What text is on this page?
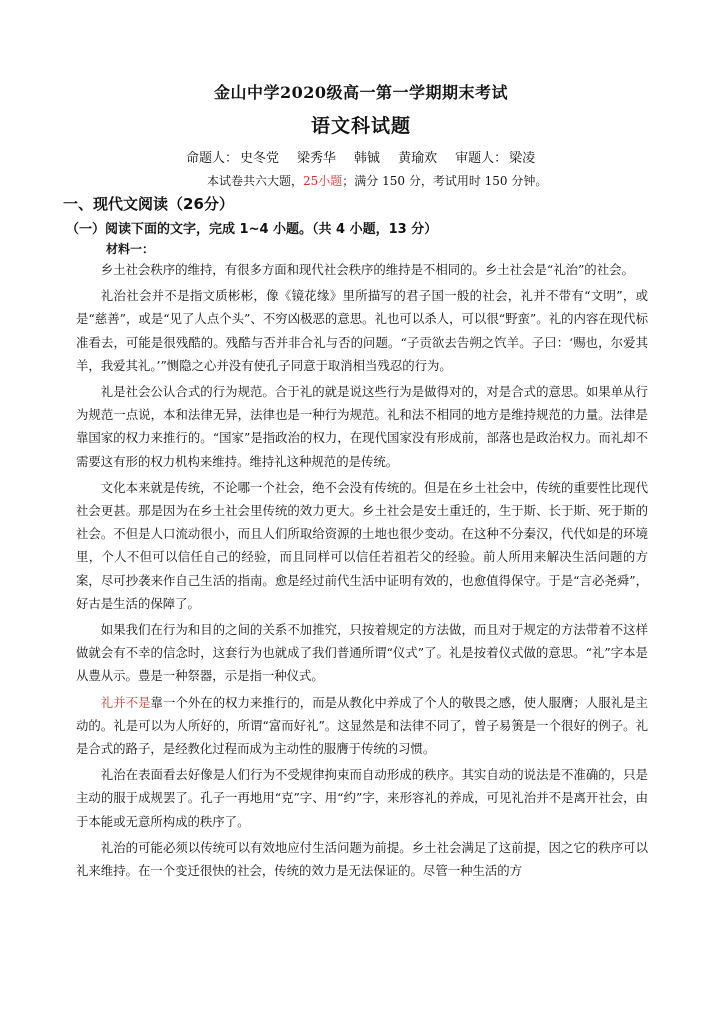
金山中学2020级高一第一学期期末考试
语文科试题
命题人： 史冬党 梁秀华 韩铖 黄瑜欢 审题人： 梁凌
本试卷共六大题，25小题；满分 150 分，考试用时 150 分钟。
一、现代文阅读（26分）
（一）阅读下面的文字，完成 1~4 小题。（共 4 小题，13 分）
材料一：

乡土社会秩序的维持，有很多方面和现代社会秩序的维持是不相同的。乡土社会是“礼治”的社会。

礼治社会并不是指文质彬彬，像《镜花缘》里所描写的君子国一般的社会，礼并不带有“文明”，或是“慈善”，或是“见了人点个头”、不穷凶极恶的意思。礼也可以杀人，可以很“野蛮”。礼的内容在现代标准看去，可能是很残酷的。残酷与否并非合礼与否的问题。“子贡欲去告朔之饩羊。子曰：‘赐也，尔爱其羊，我爱其礼。’”恻隐之心并没有使孔子同意于取消相当残忍的行为。

礼是社会公认合式的行为规范。合于礼的就是说这些行为是做得对的，对是合式的意思。如果单从行为规范一点说，本和法律无异，法律也是一种行为规范。礼和法不相同的地方是维持规范的力量。法律是靠国家的权力来推行的。“国家”是指政治的权力，在现代国家没有形成前，部落也是政治权力。而礼却不需要这有形的权力机构来维持。维持礼这种规范的是传统。

文化本来就是传统，不论哪一个社会，绝不会没有传统的。但是在乡土社会中，传统的重要性比现代社会更甚。那是因为在乡土社会里传统的效力更大。乡土社会是安土重迁的，生于斯、长于斯、死于斯的社会。不但是人口流动很小，而且人们所取给资源的土地也很少变动。在这种不分秦汉，代代如是的环境里，个人不但可以信任自己的经验，而且同样可以信任若祖若父的经验。前人所用来解决生活问题的方案，尽可抄袭来作自己生活的指南。愈是经过前代生活中证明有效的，也愈值得保守。于是“言必尧舜”，好古是生活的保障了。

如果我们在行为和目的之间的关系不加推究，只按着规定的方法做，而且对于规定的方法带着不这样做就会有不幸的信念时，这套行为也就成了我们普通所谓“仪式”了。礼是按着仪式做的意思。“礼”字本是从豊从示。豊是一种祭器，示是指一种仪式。

礼并不是靠一个外在的权力来推行的，而是从教化中养成了个人的敬畏之感，使人服膺；人服礼是主动的。礼是可以为人所好的，所谓“富而好礼”。这显然是和法律不同了，曾子易箦是一个很好的例子。礼是合式的路子，是经教化过程而成为主动性的服膺于传统的习惯。

礼治在表面看去好像是人们行为不受规律拘束而自动形成的秩序。其实自动的说法是不准确的，只是主动的服于成规罢了。孔子一再地用“克”字、用“约”字，来形容礼的养成，可见礼治并不是离开社会，由于本能或无意所构成的秩序了。

礼治的可能必须以传统可以有效地应付生活问题为前提。乡土社会满足了这前提，因之它的秩序可以礼来维持。在一个变迁很快的社会，传统的效力是无法保证的。尽管一种生活的方
